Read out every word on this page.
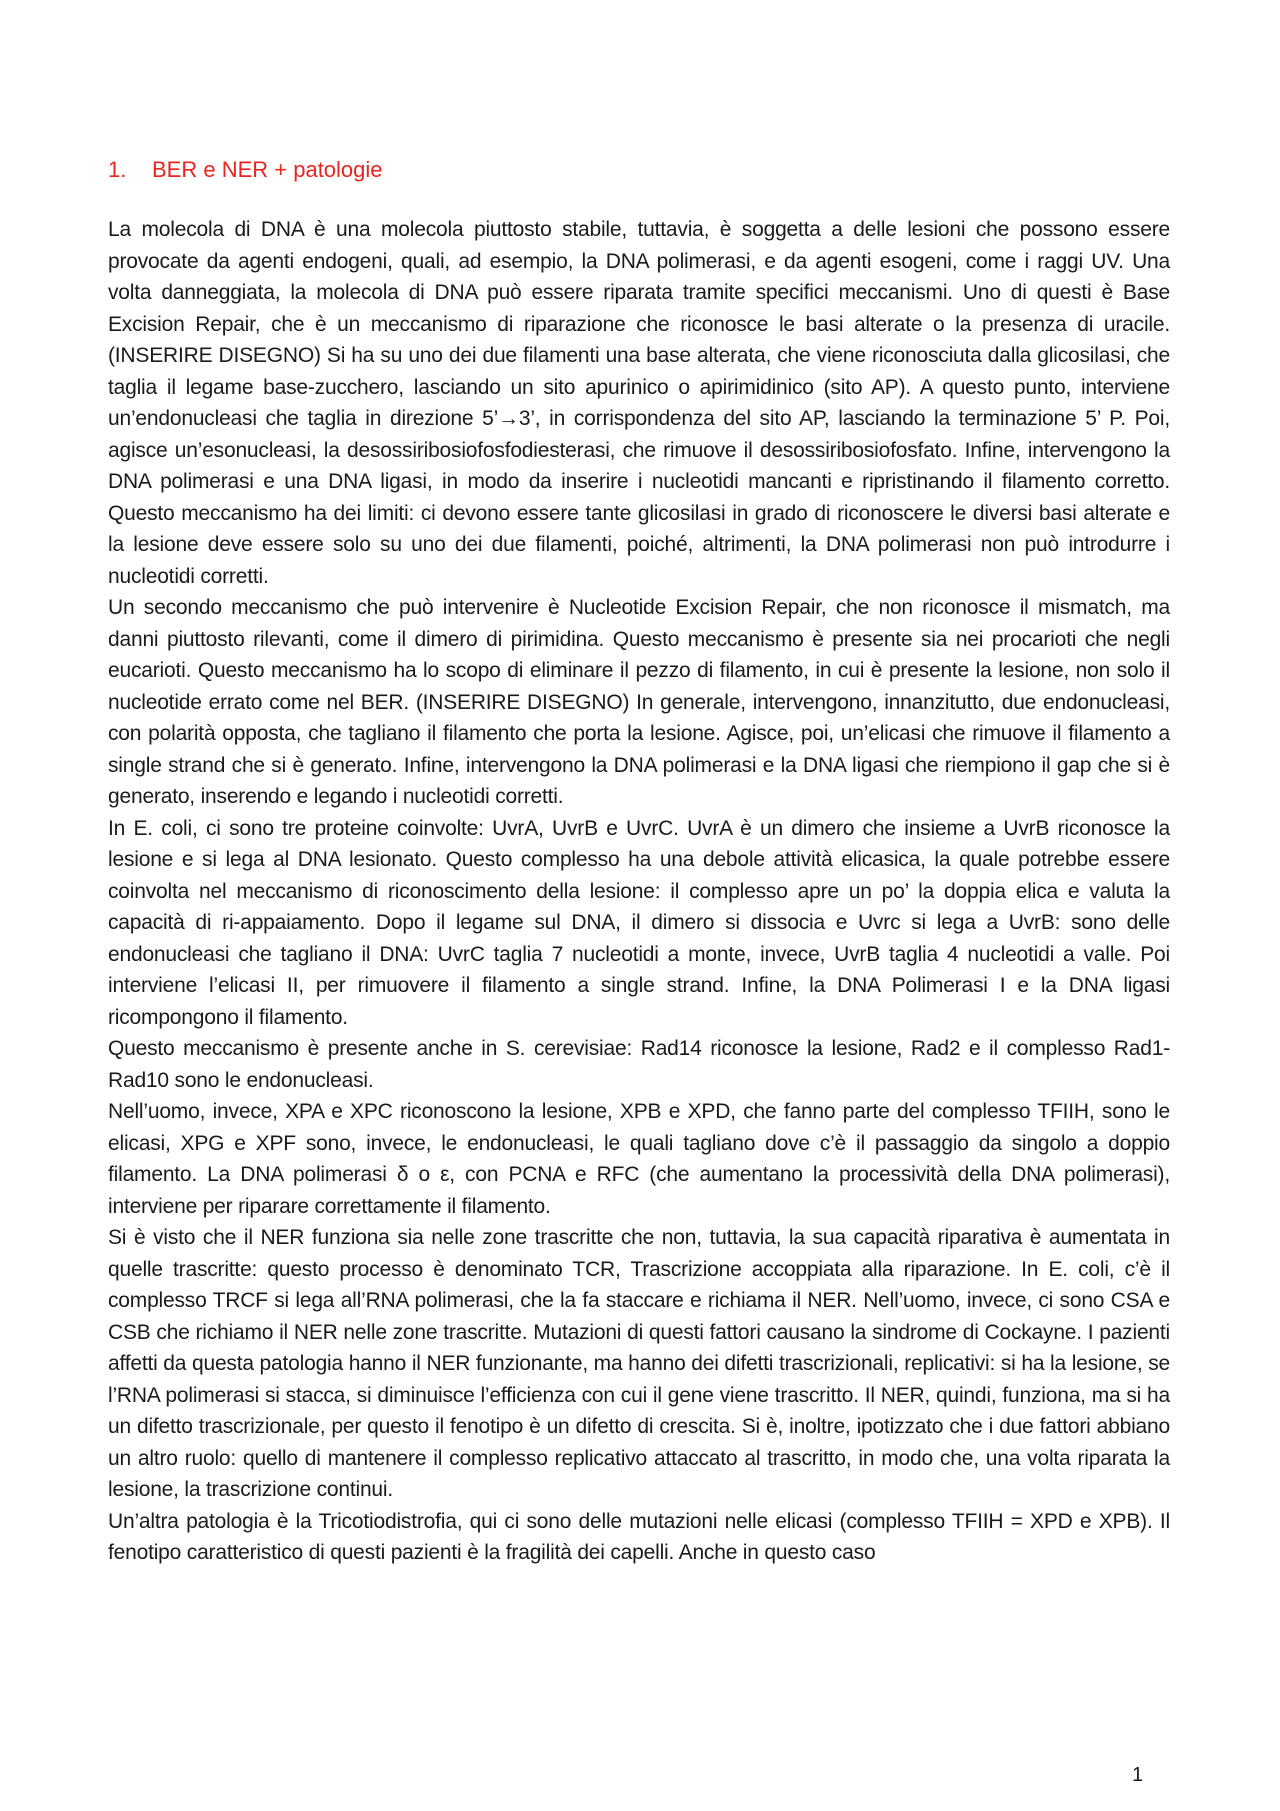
1. BER e NER + patologie

La molecola di DNA è una molecola piuttosto stabile, tuttavia, è soggetta a delle lesioni che possono essere provocate da agenti endogeni, quali, ad esempio, la DNA polimerasi, e da agenti esogeni, come i raggi UV. Una volta danneggiata, la molecola di DNA può essere riparata tramite specifici meccanismi. Uno di questi è Base Excision Repair, che è un meccanismo di riparazione che riconosce le basi alterate o la presenza di uracile. (INSERIRE DISEGNO) Si ha su uno dei due filamenti una base alterata, che viene riconosciuta dalla glicosilasi, che taglia il legame base-zucchero, lasciando un sito apurinico o apirimidinico (sito AP). A questo punto, interviene un’endonucleasi che taglia in direzione 5’→3’, in corrispondenza del sito AP, lasciando la terminazione 5’ P. Poi, agisce un’esonucleasi, la desossiribosiofosfodiesterasi, che rimuove il desossiribosiofosfato. Infine, intervengono la DNA polimerasi e una DNA ligasi, in modo da inserire i nucleotidi mancanti e ripristinando il filamento corretto. Questo meccanismo ha dei limiti: ci devono essere tante glicosilasi in grado di riconoscere le diversi basi alterate e la lesione deve essere solo su uno dei due filamenti, poiché, altrimenti, la DNA polimerasi non può introdurre i nucleotidi corretti.

Un secondo meccanismo che può intervenire è Nucleotide Excision Repair, che non riconosce il mismatch, ma danni piuttosto rilevanti, come il dimero di pirimidina. Questo meccanismo è presente sia nei procarioti che negli eucarioti. Questo meccanismo ha lo scopo di eliminare il pezzo di filamento, in cui è presente la lesione, non solo il nucleotide errato come nel BER. (INSERIRE DISEGNO) In generale, intervengono, innanzitutto, due endonucleasi, con polarità opposta, che tagliano il filamento che porta la lesione. Agisce, poi, un’elicasi che rimuove il filamento a single strand che si è generato. Infine, intervengono la DNA polimerasi e la DNA ligasi che riempiono il gap che si è generato, inserendo e legando i nucleotidi corretti.

In E. coli, ci sono tre proteine coinvolte: UvrA, UvrB e UvrC. UvrA è un dimero che insieme a UvrB riconosce la lesione e si lega al DNA lesionato. Questo complesso ha una debole attività elicasica, la quale potrebbe essere coinvolta nel meccanismo di riconoscimento della lesione: il complesso apre un po’ la doppia elica e valuta la capacità di ri-appaiamento. Dopo il legame sul DNA, il dimero si dissocia e Uvrc si lega a UvrB: sono delle endonucleasi che tagliano il DNA: UvrC taglia 7 nucleotidi a monte, invece, UvrB taglia 4 nucleotidi a valle. Poi interviene l’elicasi II, per rimuovere il filamento a single strand. Infine, la DNA Polimerasi I e la DNA ligasi ricompongono il filamento.

Questo meccanismo è presente anche in S. cerevisiae: Rad14 riconosce la lesione, Rad2 e il complesso Rad1-Rad10 sono le endonucleasi.

Nell’uomo, invece, XPA e XPC riconoscono la lesione, XPB e XPD, che fanno parte del complesso TFIIH, sono le elicasi, XPG e XPF sono, invece, le endonucleasi, le quali tagliano dove c’è il passaggio da singolo a doppio filamento. La DNA polimerasi δ o ε, con PCNA e RFC (che aumentano la processività della DNA polimerasi), interviene per riparare correttamente il filamento.

Si è visto che il NER funziona sia nelle zone trascritte che non, tuttavia, la sua capacità riparativa è aumentata in quelle trascritte: questo processo è denominato TCR, Trascrizione accoppiata alla riparazione. In E. coli, c’è il complesso TRCF si lega all’RNA polimerasi, che la fa staccare e richiama il NER. Nell’uomo, invece, ci sono CSA e CSB che richiamo il NER nelle zone trascritte. Mutazioni di questi fattori causano la sindrome di Cockayne. I pazienti affetti da questa patologia hanno il NER funzionante, ma hanno dei difetti trascrizionali, replicativi: si ha la lesione, se l’RNA polimerasi si stacca, si diminuisce l’efficienza con cui il gene viene trascritto. Il NER, quindi, funziona, ma si ha un difetto trascrizionale, per questo il fenotipo è un difetto di crescita. Si è, inoltre, ipotizzato che i due fattori abbiano un altro ruolo: quello di mantenere il complesso replicativo attaccato al trascritto, in modo che, una volta riparata la lesione, la trascrizione continui.

Un’altra patologia è la Tricotiodistrofia, qui ci sono delle mutazioni nelle elicasi (complesso TFIIH = XPD e XPB). Il fenotipo caratteristico di questi pazienti è la fragilità dei capelli. Anche in questo caso

1
